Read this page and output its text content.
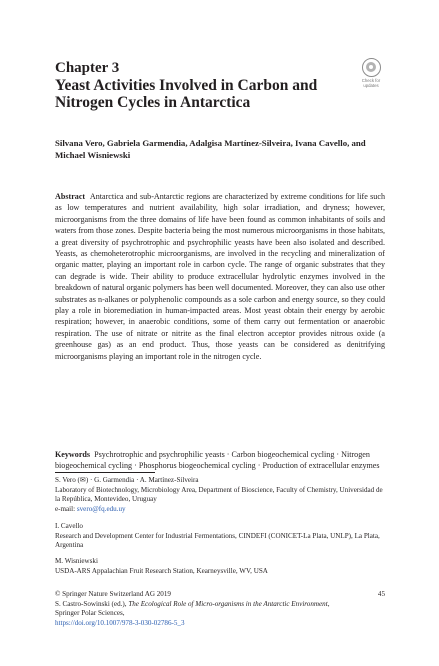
Chapter 3
Yeast Activities Involved in Carbon and Nitrogen Cycles in Antarctica
Check for updates
Silvana Vero, Gabriela Garmendia, Adalgisa Martínez-Silveira, Ivana Cavello, and Michael Wisniewski
Abstract Antarctica and sub-Antarctic regions are characterized by extreme conditions for life such as low temperatures and nutrient availability, high solar irradiation, and dryness; however, microorganisms from the three domains of life have been found as common inhabitants of soils and waters from those zones. Despite bacteria being the most numerous microorganisms in those habitats, a great diversity of psychrotrophic and psychrophilic yeasts have been also isolated and described. Yeasts, as chemoheterotrophic microorganisms, are involved in the recycling and mineralization of organic matter, playing an important role in carbon cycle. The range of organic substrates that they can degrade is wide. Their ability to produce extracellular hydrolytic enzymes involved in the breakdown of natural organic polymers has been well documented. Moreover, they can also use other substrates as n-alkanes or polyphenolic compounds as a sole carbon and energy source, so they could play a role in bioremediation in human-impacted areas. Most yeast obtain their energy by aerobic respiration; however, in anaerobic conditions, some of them carry out fermentation or anaerobic respiration. The use of nitrate or nitrite as the final electron acceptor provides nitrous oxide (a greenhouse gas) as an end product. Thus, those yeasts can be considered as denitrifying microorganisms playing an important role in the nitrogen cycle.
Keywords Psychrotrophic and psychrophilic yeasts · Carbon biogeochemical cycling · Nitrogen biogeochemical cycling · Phosphorus biogeochemical cycling · Production of extracellular enzymes
S. Vero (✉) · G. Garmendia · A. Martínez-Silveira
Laboratory of Biotechnology, Microbiology Area, Department of Bioscience, Faculty of Chemistry, Universidad de la República, Montevideo, Uruguay
e-mail: svero@fq.edu.uy
I. Cavello
Research and Development Center for Industrial Fermentations, CINDEFI (CONICET-La Plata, UNLP), La Plata, Argentina
M. Wisniewski
USDA-ARS Appalachian Fruit Research Station, Kearneysville, WV, USA
© Springer Nature Switzerland AG 2019
S. Castro-Sowinski (ed.), The Ecological Role of Micro-organisms in the Antarctic Environment, Springer Polar Sciences,
https://doi.org/10.1007/978-3-030-02786-5_3
45
